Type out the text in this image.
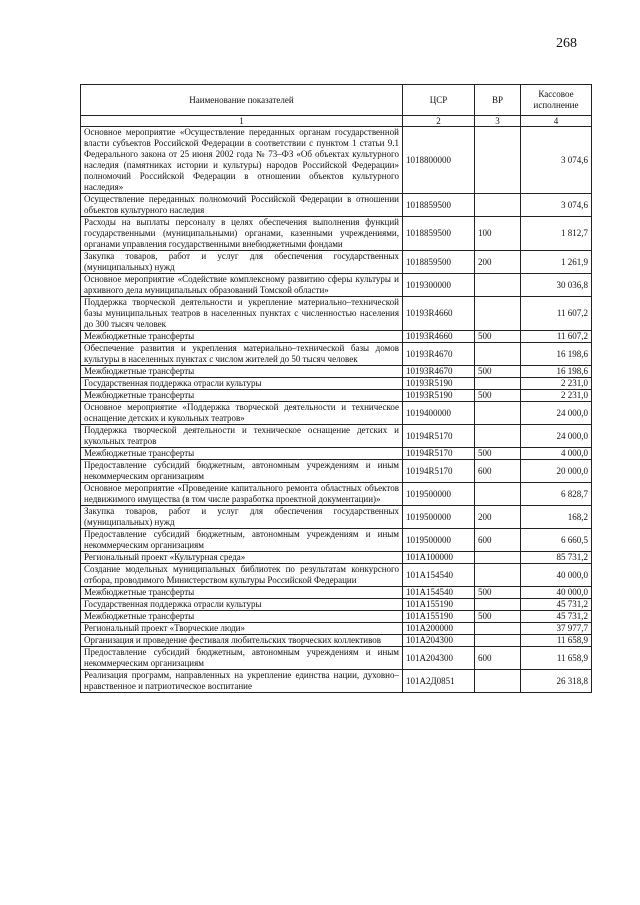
268
Наименование показателей	ЦСР	ВР	Кассовое исполнение
1	2	3	4
Основное мероприятие «Осуществление переданных органам государственной власти субъектов Российской Федерации в соответствии с пунктом 1 статьи 9.1 Федерального закона от 25 июня 2002 года № 73–ФЗ «Об объектах культурного наследия (памятниках истории и культуры) народов Российской Федерации» полномочий Российской Федерации в отношении объектов культурного наследия»	1018800000		3 074,6
Осуществление переданных полномочий Российской Федерации в отношении объектов культурного наследия	1018859500		3 074,6
Расходы на выплаты персоналу в целях обеспечения выполнения функций государственными (муниципальными) органами, казенными учреждениями, органами управления государственными внебюджетными фондами	1018859500	100	1 812,7
Закупка товаров, работ и услуг для обеспечения государственных (муниципальных) нужд	1018859500	200	1 261,9
Основное мероприятие «Содействие комплексному развитию сферы культуры и архивного дела муниципальных образований Томской области»	1019300000		30 036,8
Поддержка творческой деятельности и укрепление материально–технической базы муниципальных театров в населенных пунктах с численностью населения до 300 тысяч человек	10193R4660		11 607,2
Межбюджетные трансферты	10193R4660	500	11 607,2
Обеспечение развития и укрепления материально–технической базы домов культуры в населенных пунктах с числом жителей до 50 тысяч человек	10193R4670		16 198,6
Межбюджетные трансферты	10193R4670	500	16 198,6
Государственная поддержка отрасли культуры	10193R5190		2 231,0
Межбюджетные трансферты	10193R5190	500	2 231,0
Основное мероприятие «Поддержка творческой деятельности и техническое оснащение детских и кукольных театров»	1019400000		24 000,0
Поддержка творческой деятельности и техническое оснащение детских и кукольных театров	10194R5170		24 000,0
Межбюджетные трансферты	10194R5170	500	4 000,0
Предоставление субсидий бюджетным, автономным учреждениям и иным некоммерческим организациям	10194R5170	600	20 000,0
Основное мероприятие «Проведение капитального ремонта областных объектов недвижимого имущества (в том числе разработка проектной документации)»	1019500000		6 828,7
Закупка товаров, работ и услуг для обеспечения государственных (муниципальных) нужд	1019500000	200	168,2
Предоставление субсидий бюджетным, автономным учреждениям и иным некоммерческим организациям	1019500000	600	6 660,5
Региональный проект «Культурная среда»	101A100000		85 731,2
Создание модельных муниципальных библиотек по результатам конкурсного отбора, проводимого Министерством культуры Российской Федерации	101A154540		40 000,0
Межбюджетные трансферты	101A154540	500	40 000,0
Государственная поддержка отрасли культуры	101A155190		45 731,2
Межбюджетные трансферты	101A155190	500	45 731,2
Региональный проект «Творческие люди»	101A200000		37 977,7
Организация и проведение фестиваля любительских творческих коллективов	101A204300		11 658,9
Предоставление субсидий бюджетным, автономным учреждениям и иным некоммерческим организациям	101A204300	600	11 658,9
Реализация программ, направленных на укрепление единства нации, духовно–нравственное и патриотическое воспитание	101A2Д0851		26 318,8
